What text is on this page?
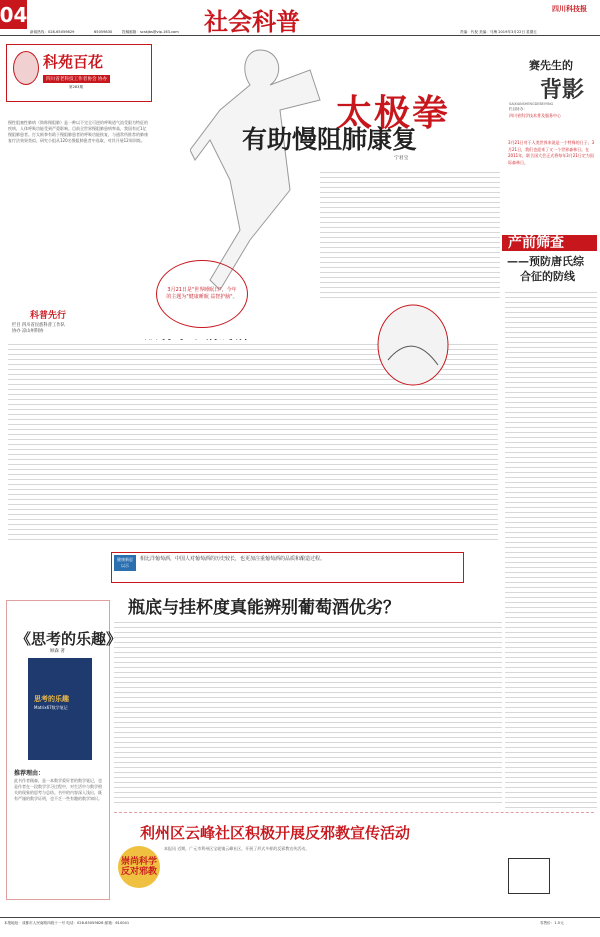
04	社会科普	四川科技报
新闻热线：028-65059829	65059830	投稿邮箱：scskjbs@vip.163.com	责编：代倪 美编：马梅 2019年3月22日 星期五
科苑百花
四川省老科技工作者协会 协办
第283期
慢性阻塞性肺病（简称慢阻肺）是一种以不完全可逆的呼吸道气流受限为特征的疾病，人体呼吸功能受到严重影响。目前全世界慢阻肺患病率高，我国有近1亿慢阻肺患者。打太极拳有助于慢阻肺患者的呼吸功能恢复，与通常所推荐的肺康复疗法效果类似。研究小组从120名慢阻肺患者中选取，对其开展12周训练。
太极拳
有助慢阻肺康复
宁君宝
3月21日是"世界睡眠日"，今年的主题为"健康睡眠 益智护脑"。
赛先生的
背影
SAIXIANSHENGDEBEIYING
栏目协办：
四川省科学技术普及服务中心
3月21日对于人类世界来说是一个特殊的日子。3月21日，我们也迎来了又一个世界森林日。在2011年，联合国大会正式将每年3月21日定为国际森林日。
产前筛查
——预防唐氏综
合征的防线
科普先行
栏目 四川省民族科普工作队
协办 凉山州科协
健康新思 以示

相比洋葡萄酒，中国人对葡萄酒的历史较长，也更加注重葡萄酒的品质和酿造过程。

瓶底与挂杯度真能辨别葡萄酒优劣？
《思考的乐趣》
顾森 著
思考的乐趣
Matrix67数学笔记
推荐理由：
此书作者顾森，是一本数学爱好者的数学笔记，也是作者在一段数学学习过程中，对生活中与数学相关的现象的思考与总结。书中的内容深入浅出，既有严谨的数学证明，也不乏一些有趣的数学知识。
利州区云峰社区积极开展反邪教宣传活动
崇尚科学 反对邪教
本报讯 近期，广元市利州区宝轮镇云峰社区，开展了形式多样的反邪教宣传活动。
本报地址：成都市人民南路四段十一号 电话：028-65059826 邮箱：610041	零售价：1.5元
